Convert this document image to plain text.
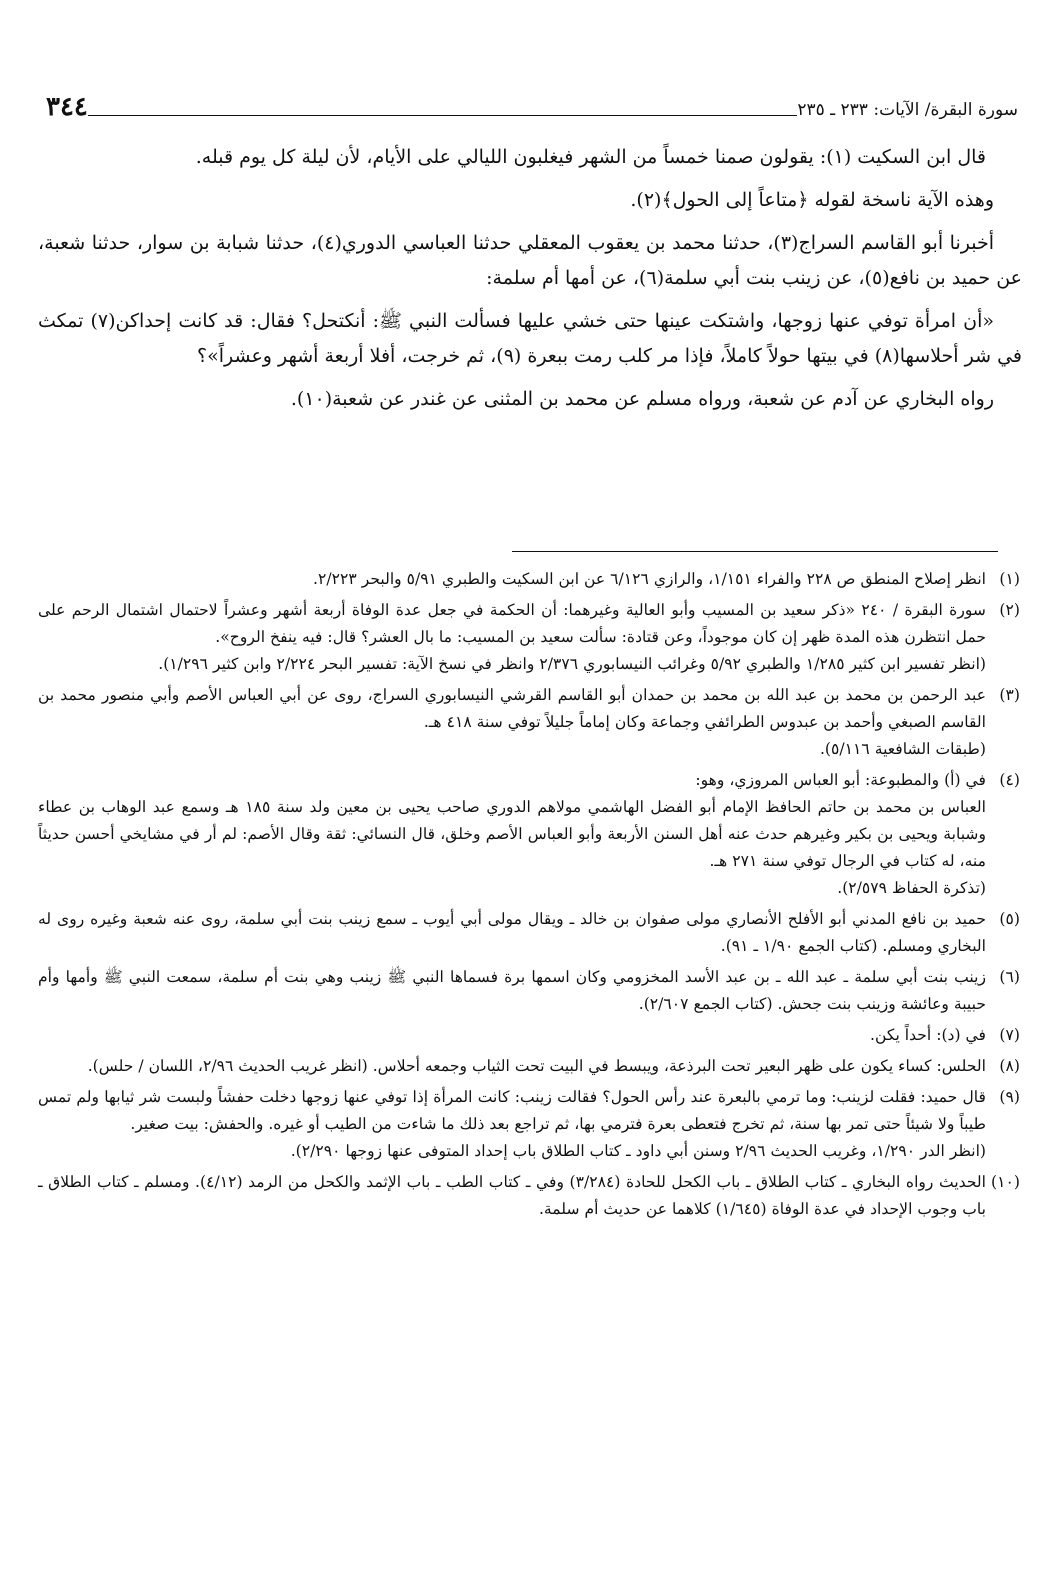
سورة البقرة/ الآيات: ٢٣٣ ـ ٢٣٥
٣٤٤

قال ابن السكيت (١): يقولون صمنا خمساً من الشهر فيغلبون الليالي على الأيام، لأن ليلة كل يوم قبله.

وهذه الآية ناسخة لقوله ﴿متاعاً إلى الحول﴾(٢).

أخبرنا أبو القاسم السراج(٣)، حدثنا محمد بن يعقوب المعقلي حدثنا العباسي الدوري(٤)، حدثنا شبابة بن سوار، حدثنا شعبة، عن حميد بن نافع(٥)، عن زينب بنت أبي سلمة(٦)، عن أمها أم سلمة:

«أن امرأة توفي عنها زوجها، واشتكت عينها حتى خشي عليها فسألت النبي ﷺ: أنكتحل؟ فقال: قد كانت إحداكن(٧) تمكث في شر أحلاسها(٨) في بيتها حولاً كاملاً، فإذا مر كلب رمت ببعرة (٩)، ثم خرجت، أفلا أربعة أشهر وعشراً»؟

رواه البخاري عن آدم عن شعبة، ورواه مسلم عن محمد بن المثنى عن غندر عن شعبة(١٠).

(١)

انظر إصلاح المنطق ص ٢٢٨ والفراء ١/١٥١، والرازي ٦/١٢٦ عن ابن السكيت والطبري ٥/٩١ والبحر ٢/٢٢٣.

(٢)

سورة البقرة / ٢٤٠ «ذكر سعيد بن المسيب وأبو العالية وغيرهما: أن الحكمة في جعل عدة الوفاة أربعة أشهر وعشراً لاحتمال اشتمال الرحم على حمل انتظرن هذه المدة ظهر إن كان موجوداً، وعن قتادة: سألت سعيد بن المسيب: ما بال العشر؟ قال: فيه ينفخ الروح».

(انظر تفسير ابن كثير ١/٢٨٥ والطبري ٥/٩٢ وغرائب النيسابوري ٢/٣٧٦ وانظر في نسخ الآية: تفسير البحر ٢/٢٢٤ وابن كثير ١/٢٩٦).

(٣)

عبد الرحمن بن محمد بن عبد الله بن محمد بن حمدان أبو القاسم القرشي النيسابوري السراج، روى عن أبي العباس الأصم وأبي منصور محمد بن القاسم الصبغي وأحمد بن عبدوس الطرائفي وجماعة وكان إماماً جليلاً توفي سنة ٤١٨ هـ.

(طبقات الشافعية ٥/١١٦).

(٤)

في (أ) والمطبوعة: أبو العباس المروزي، وهو:

العباس بن محمد بن حاتم الحافظ الإمام أبو الفضل الهاشمي مولاهم الدوري صاحب يحيى بن معين ولد سنة ١٨٥ هـ وسمع عبد الوهاب بن عطاء وشبابة ويحيى بن بكير وغيرهم حدث عنه أهل السنن الأربعة وأبو العباس الأصم وخلق، قال النسائي: ثقة وقال الأصم: لم أر في مشايخي أحسن حديثاً منه، له كتاب في الرجال توفي سنة ٢٧١ هـ.

(تذكرة الحفاظ ٢/٥٧٩).

(٥)

حميد بن نافع المدني أبو الأفلح الأنصاري مولى صفوان بن خالد ـ ويقال مولى أبي أيوب ـ سمع زينب بنت أبي سلمة، روى عنه شعبة وغيره روى له البخاري ومسلم. (كتاب الجمع ١/٩٠ ـ ٩١).

(٦)

زينب بنت أبي سلمة ـ عبد الله ـ بن عبد الأسد المخزومي وكان اسمها برة فسماها النبي ﷺ زينب وهي بنت أم سلمة، سمعت النبي ﷺ وأمها وأم حبيبة وعائشة وزينب بنت جحش. (كتاب الجمع ٢/٦٠٧).

(٧)

في (د): أحداً يكن.

(٨)

الحلس: كساء يكون على ظهر البعير تحت البرذعة، ويبسط في البيت تحت الثياب وجمعه أحلاس. (انظر غريب الحديث ٢/٩٦، اللسان / حلس).

(٩)

قال حميد: فقلت لزينب: وما ترمي بالبعرة عند رأس الحول؟ فقالت زينب: كانت المرأة إذا توفي عنها زوجها دخلت حفشاً ولبست شر ثيابها ولم تمس طيباً ولا شيئاً حتى تمر بها سنة، ثم تخرج فتعطى بعرة فترمي بها، ثم تراجع بعد ذلك ما شاءت من الطيب أو غيره. والحفش: بيت صغير.

(انظر الدر ١/٢٩٠، وغريب الحديث ٢/٩٦ وسنن أبي داود ـ كتاب الطلاق باب إحداد المتوفى عنها زوجها ٢/٢٩٠).

(١٠)

الحديث رواه البخاري ـ كتاب الطلاق ـ باب الكحل للحادة (٣/٢٨٤) وفي ـ كتاب الطب ـ باب الإثمد والكحل من الرمد (٤/١٢). ومسلم ـ كتاب الطلاق ـ باب وجوب الإحداد في عدة الوفاة (١/٦٤٥) كلاهما عن حديث أم سلمة.
